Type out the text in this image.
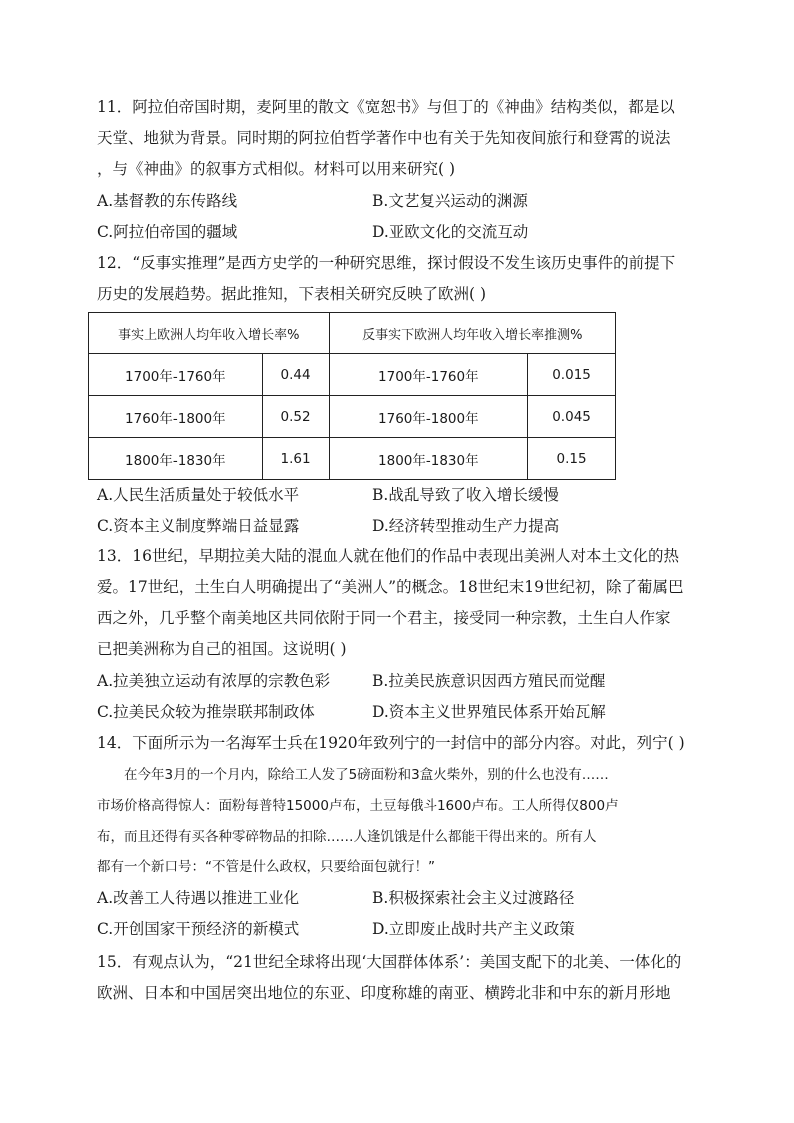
11．阿拉伯帝国时期，麦阿里的散文《宽恕书》与但丁的《神曲》结构类似，都是以
天堂、地狱为背景。同时期的阿拉伯哲学著作中也有关于先知夜间旅行和登霄的说法
，与《神曲》的叙事方式相似。材料可以用来研究( )
A.基督教的东传路线	B.文艺复兴运动的渊源
C.阿拉伯帝国的疆域	D.亚欧文化的交流互动
12．“反事实推理”是西方史学的一种研究思维，探讨假设不发生该历史事件的前提下
历史的发展趋势。据此推知，下表相关研究反映了欧洲( )
事实上欧洲人均年收入增长率%		反事实下欧洲人均年收入增长率推测%	
1700年-1760年	0.44	1700年-1760年	0.015
1760年-1800年	0.52	1760年-1800年	0.045
1800年-1830年	1.61	1800年-1830年	0.15
A.人民生活质量处于较低水平	B.战乱导致了收入增长缓慢
C.资本主义制度弊端日益显露	D.经济转型推动生产力提高
13．16世纪，早期拉美大陆的混血人就在他们的作品中表现出美洲人对本土文化的热
爱。17世纪，土生白人明确提出了“美洲人”的概念。18世纪末19世纪初，除了葡属巴
西之外，几乎整个南美地区共同依附于同一个君主，接受同一种宗教，土生白人作家
已把美洲称为自己的祖国。这说明( )
A.拉美独立运动有浓厚的宗教色彩	B.拉美民族意识因西方殖民而觉醒
C.拉美民众较为推崇联邦制政体	D.资本主义世界殖民体系开始瓦解
14．下面所示为一名海军士兵在1920年致列宁的一封信中的部分内容。对此，列宁( )
　　在今年3月的一个月内，除给工人发了5磅面粉和3盒火柴外，别的什么也没有……
市场价格高得惊人：面粉每普特15000卢布，土豆每俄斗1600卢布。工人所得仅800卢
布，而且还得有买各种零碎物品的扣除……人逢饥饿是什么都能干得出来的。所有人
都有一个新口号：“不管是什么政权，只要给面包就行！”
A.改善工人待遇以推进工业化	B.积极探索社会主义过渡路径
C.开创国家干预经济的新模式	D.立即废止战时共产主义政策
15．有观点认为，“21世纪全球将出现‘大国群体体系’：美国支配下的北美、一体化的
欧洲、日本和中国居突出地位的东亚、印度称雄的南亚、横跨北非和中东的新月形地
